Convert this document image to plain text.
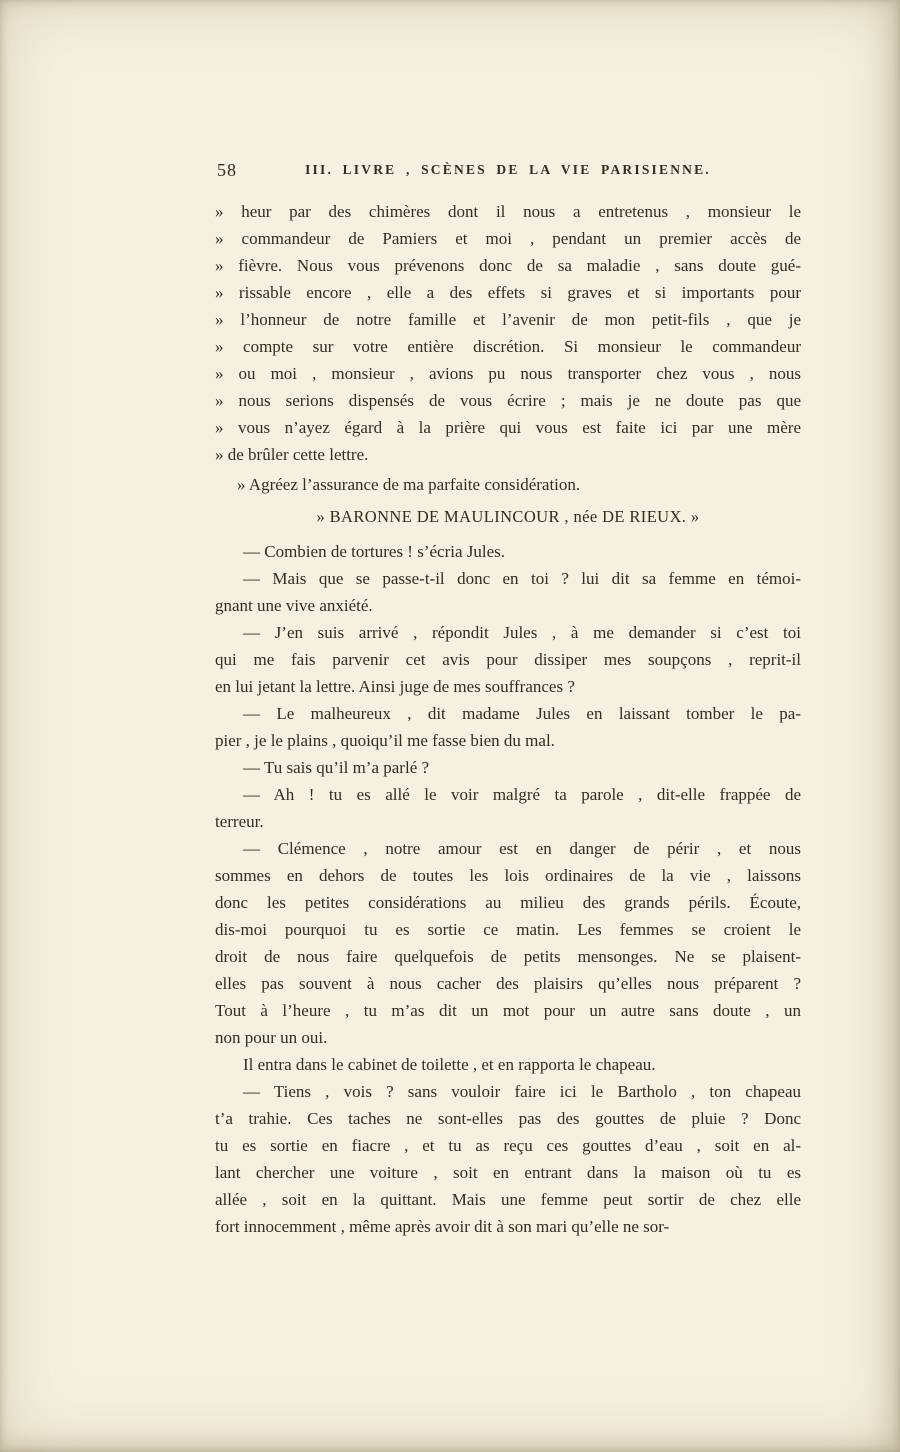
58	III. LIVRE , SCÈNES DE LA VIE PARISIENNE.
» heur par des chimères dont il nous a entretenus , monsieur le
» commandeur de Pamiers et moi , pendant un premier accès de
» fièvre. Nous vous prévenons donc de sa maladie , sans doute gué-
» rissable encore , elle a des effets si graves et si importants pour
» l’honneur de notre famille et l’avenir de mon petit-fils , que je
» compte sur votre entière discrétion. Si monsieur le commandeur
» ou moi , monsieur , avions pu nous transporter chez vous , nous
» nous serions dispensés de vous écrire ; mais je ne doute pas que
» vous n’ayez égard à la prière qui vous est faite ici par une mère
» de brûler cette lettre.
» Agréez l’assurance de ma parfaite considération.
» BARONNE DE MAULINCOUR , née DE RIEUX. »
— Combien de tortures ! s’écria Jules.
— Mais que se passe-t-il donc en toi ? lui dit sa femme en témoi-
gnant une vive anxiété.
— J’en suis arrivé , répondit Jules , à me demander si c’est toi
qui me fais parvenir cet avis pour dissiper mes soupçons , reprit-il
en lui jetant la lettre. Ainsi juge de mes souffrances ?
— Le malheureux , dit madame Jules en laissant tomber le pa-
pier , je le plains , quoiqu’il me fasse bien du mal.
— Tu sais qu’il m’a parlé ?
— Ah ! tu es allé le voir malgré ta parole , dit-elle frappée de
terreur.
— Clémence , notre amour est en danger de périr , et nous
sommes en dehors de toutes les lois ordinaires de la vie , laissons
donc les petites considérations au milieu des grands périls. Écoute,
dis-moi pourquoi tu es sortie ce matin. Les femmes se croient le
droit de nous faire quelquefois de petits mensonges. Ne se plaisent-
elles pas souvent à nous cacher des plaisirs qu’elles nous préparent ?
Tout à l’heure , tu m’as dit un mot pour un autre sans doute , un
non pour un oui.
Il entra dans le cabinet de toilette , et en rapporta le chapeau.
— Tiens , vois ? sans vouloir faire ici le Bartholo , ton chapeau
t’a trahie. Ces taches ne sont-elles pas des gouttes de pluie ? Donc
tu es sortie en fiacre , et tu as reçu ces gouttes d’eau , soit en al-
lant chercher une voiture , soit en entrant dans la maison où tu es
allée , soit en la quittant. Mais une femme peut sortir de chez elle
fort innocemment , même après avoir dit à son mari qu’elle ne sor-
